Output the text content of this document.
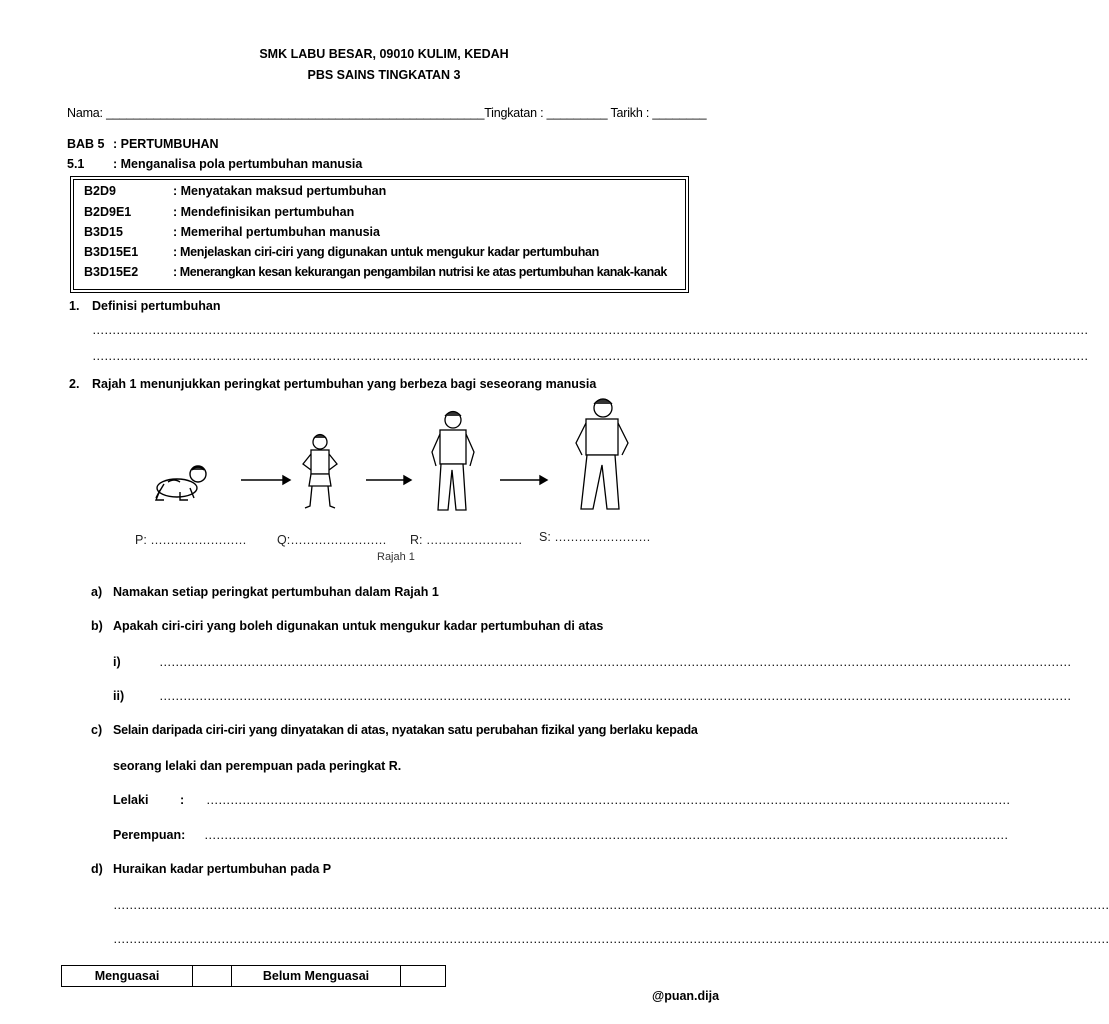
SMK LABU BESAR, 09010 KULIM, KEDAH
PBS SAINS TINGKATAN 3
Nama: ________________________________________________________Tingkatan : _________ Tarikh : ________
BAB 5 : PERTUMBUHAN
5.1 : Menganalisa pola pertumbuhan manusia
B2D9	: Menyatakan maksud pertumbuhan
B2D9E1	: Mendefinisikan pertumbuhan
B3D15	: Memerihal pertumbuhan manusia
B3D15E1	: Menjelaskan ciri-ciri yang digunakan untuk mengukur kadar pertumbuhan
B3D15E2	: Menerangkan kesan kekurangan pengambilan nutrisi ke atas pertumbuhan kanak-kanak
1. Definisi pertumbuhan
……………………………………………………………………………………………………………………………………………………………………………………………………………………………
……………………………………………………………………………………………………………………………………………………………………………………………………………………………
2. Rajah 1 menunjukkan peringkat pertumbuhan yang berbeza bagi seseorang manusia
P: …………………… Q:…………………… R: …………………… S: ……………………
Rajah 1
a) Namakan setiap peringkat pertumbuhan dalam Rajah 1
b) Apakah ciri-ciri yang boleh digunakan untuk mengukur kadar pertumbuhan di atas
i)	…………………………………………………………………………………………………………………………………………………………………………………………………………
ii)	…………………………………………………………………………………………………………………………………………………………………………………………………………
c) Selain daripada ciri-ciri yang dinyatakan di atas, nyatakan satu perubahan fizikal yang berlaku kepada
seorang lelaki dan perempuan pada peringkat R.
Lelaki	: …………………………………………………………………………………………………………………………………………………………………………………
Perempuan: …………………………………………………………………………………………………………………………………………………………………………………
d) Huraikan kadar pertumbuhan pada P
……………………………………………………………………………………………………………………………………………………………………………………………………………………………
……………………………………………………………………………………………………………………………………………………………………………………………………………………………
Menguasai		Belum Menguasai	
@puan.dija
